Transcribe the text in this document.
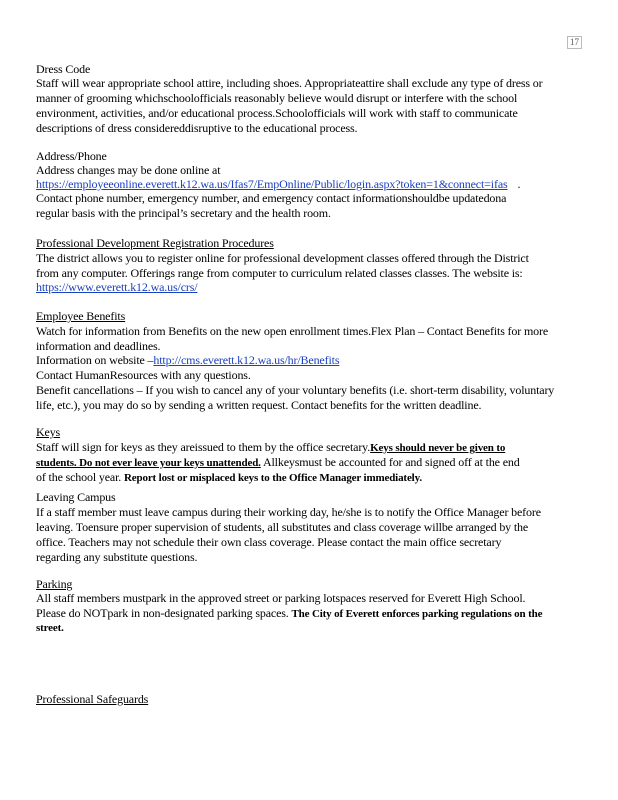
17
Dress Code
Staff will wear appropriate school attire, including shoes. Appropriateattire shall exclude any type of dress or
manner of grooming whichschoolofficials reasonably believe would disrupt or interfere with the school
environment, activities, and/or educational process.Schoolofficials will work with staff to communicate
descriptions of dress considereddisruptive to the educational process.
Address/Phone
Address changes may be done online at
https://employeeonline.everett.k12.wa.us/Ifas7/EmpOnline/Public/login.aspx?token=1&connect=ifas .
Contact phone number, emergency number, and emergency contact informationshouldbe updatedona
regular basis with the principal’s secretary and the health room.
Professional Development Registration Procedures
The district allows you to register online for professional development classes offered through the District
from any computer. Offerings range from computer to curriculum related classes classes. The website is:
https://www.everett.k12.wa.us/crs/
Employee Benefits
Watch for information from Benefits on the new open enrollment times.Flex Plan – Contact Benefits for more
information and deadlines.
Information on website –http://cms.everett.k12.wa.us/hr/Benefits
Contact HumanResources with any questions.
Benefit cancellations – If you wish to cancel any of your voluntary benefits (i.e. short-term disability, voluntary
life, etc.), you may do so by sending a written request. Contact benefits for the written deadline.
Keys
Staff will sign for keys as they areissued to them by the office secretary.Keys should never be given to
students. Do not ever leave your keys unattended. Allkeysmust be accounted for and signed off at the end
of the school year. Report lost or misplaced keys to the Office Manager immediately.
Leaving Campus
If a staff member must leave campus during their working day, he/she is to notify the Office Manager before
leaving. Toensure proper supervision of students, all substitutes and class coverage willbe arranged by the
office. Teachers may not schedule their own class coverage. Please contact the main office secretary
regarding any substitute questions.
Parking
All staff members mustpark in the approved street or parking lotspaces reserved for Everett High School.
Please do NOTpark in non-designated parking spaces. The City of Everett enforces parking regulations on the
street.
Professional Safeguards
